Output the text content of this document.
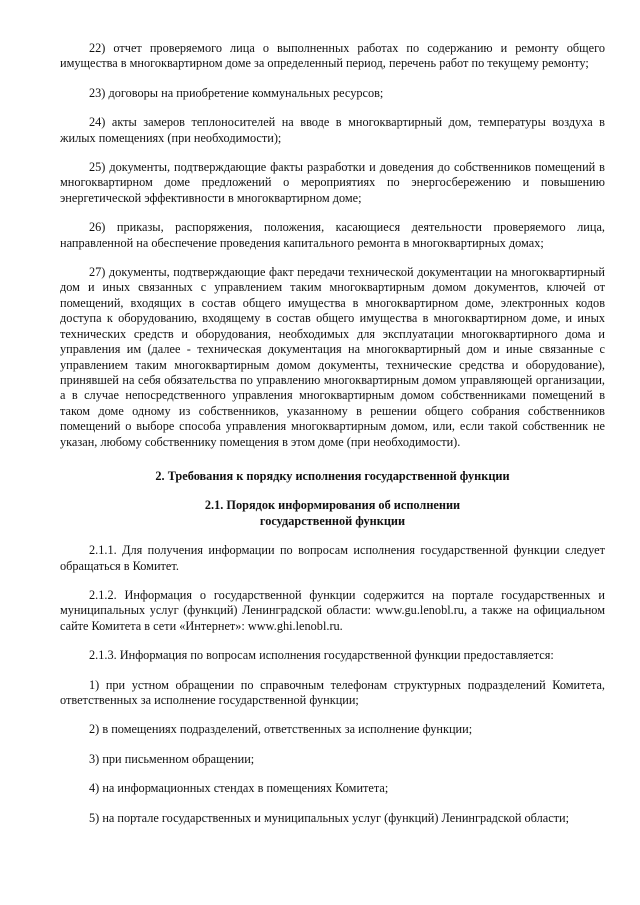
22) отчет проверяемого лица о выполненных работах по содержанию и ремонту общего имущества в многоквартирном доме за определенный период, перечень работ по текущему ремонту;

23) договоры на приобретение коммунальных ресурсов;

24) акты замеров теплоносителей на вводе в многоквартирный дом, температуры воздуха в жилых помещениях (при необходимости);

25) документы, подтверждающие факты разработки и доведения до собственников помещений в многоквартирном доме предложений о мероприятиях по энергосбережению и повышению энергетической эффективности в многоквартирном доме;

26) приказы, распоряжения, положения, касающиеся деятельности проверяемого лица, направленной на обеспечение проведения капитального ремонта в многоквартирных домах;

27) документы, подтверждающие факт передачи технической документации на многоквартирный дом и иных связанных с управлением таким многоквартирным домом документов, ключей от помещений, входящих в состав общего имущества в многоквартирном доме, электронных кодов доступа к оборудованию, входящему в состав общего имущества в многоквартирном доме, и иных технических средств и оборудования, необходимых для эксплуатации многоквартирного дома и управления им (далее - техническая документация на многоквартирный дом и иные связанные с управлением таким многоквартирным домом документы, технические средства и оборудование), принявшей на себя обязательства по управлению многоквартирным домом управляющей организации, а в случае непосредственного управления многоквартирным домом собственниками помещений в таком доме одному из собственников, указанному в решении общего собрания собственников помещений о выборе способа управления многоквартирным домом, или, если такой собственник не указан, любому собственнику помещения в этом доме (при необходимости).

2. Требования к порядку исполнения государственной функции

2.1. Порядок информирования об исполнении
государственной функции

2.1.1. Для получения информации по вопросам исполнения государственной функции следует обращаться в Комитет.

2.1.2. Информация о государственной функции содержится на портале государственных и муниципальных услуг (функций) Ленинградской области: www.gu.lenobl.ru, а также на официальном сайте Комитета в сети «Интернет»: www.ghi.lenobl.ru.

2.1.3. Информация по вопросам исполнения государственной функции предоставляется:

1) при устном обращении по справочным телефонам структурных подразделений Комитета, ответственных за исполнение государственной функции;

2) в помещениях подразделений, ответственных за исполнение функции;

3) при письменном обращении;

4) на информационных стендах в помещениях Комитета;

5) на портале государственных и муниципальных услуг (функций) Ленинградской области;
